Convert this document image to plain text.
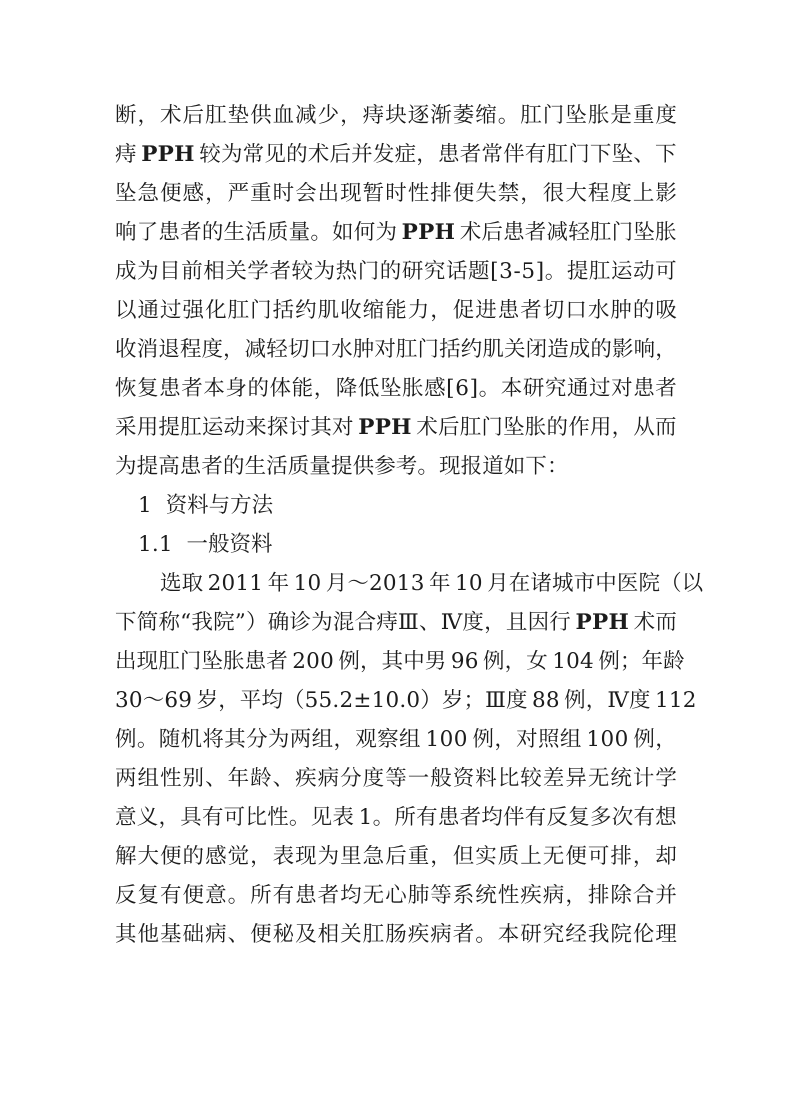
断 ， 术 后 肛 垫 供 血 减 少 ， 痔 块 逐 渐 萎 缩 。 肛 门 坠 胀 是 重 度
痔
  P P H
  较 为 常 见 的 术 后 并 发 症 ， 患 者 常 伴 有 肛 门 下 坠 、 下
坠 急 便 感 ， 严 重 时 会 出 现 暂 时 性 排 便 失 禁 ， 很 大 程 度 上 影
响 了 患 者 的 生 活 质 量 。 如 何 为
  P P H
  术 后 患 者 减 轻 肛 门 坠 胀
成 为 目 前 相 关 学 者 较 为 热 门 的 研 究 话 题 [ 3 - 5 ] 。 提 肛 运 动 可
以 通 过 强 化 肛 门 括 约 肌 收 缩 能 力 ， 促 进 患 者 切 口 水 肿 的 吸
收 消 退 程 度 ， 减 轻 切 口 水 肿 对 肛 门 括 约 肌 关 闭 造 成 的 影 响 ，
恢 复 患 者 本 身 的 体 能 ， 降 低 坠 胀 感 [ 6 ] 。 本 研 究 通 过 对 患 者
采 用 提 肛 运 动 来 探 讨 其 对
  P P H
  术 后 肛 门 坠 胀 的 作 用 ， 从 而
为提高患者的生活质量提供参考。现报道如下：
1 资料与方法
1.1 一般资料
选 取
  2 0 1 1
  年
  1 0
  月 ～ 2 0 1 3
  年
  1 0
  月 在 诸 城 市 中 医 院 （ 以
下 简 称 “ 我 院 ” ） 确 诊 为 混 合 痔 Ⅲ 、 Ⅳ 度 ， 且 因 行
  P P H
  术 而
出 现 肛 门 坠 胀 患 者
  2 0 0
  例 ， 其 中 男
  9 6
  例 ， 女
  1 0 4
  例 ； 年 龄
3 0 ～ 6 9
  岁 ， 平 均 （ 5 5 . 2 ± 1 0 . 0 ） 岁 ； Ⅲ 度
  8 8
  例 ， Ⅳ 度
  1 1 2
例 。 随 机 将 其 分 为 两 组 ， 观 察 组
  1 0 0
  例 ， 对 照 组
  1 0 0
  例 ，
两 组 性 别 、 年 龄 、 疾 病 分 度 等 一 般 资 料 比 较 差 异 无 统 计 学
意 义 ， 具 有 可 比 性 。 见 表
  1 。 所 有 患 者 均 伴 有 反 复 多 次 有 想
解 大 便 的 感 觉 ， 表 现 为 里 急 后 重 ， 但 实 质 上 无 便 可 排 ， 却
反 复 有 便 意 。 所 有 患 者 均 无 心 肺 等 系 统 性 疾 病 ， 排 除 合 并
其 他 基 础 病 、 便 秘 及 相 关 肛 肠 疾 病 者 。 本 研 究 经 我 院 伦 理
